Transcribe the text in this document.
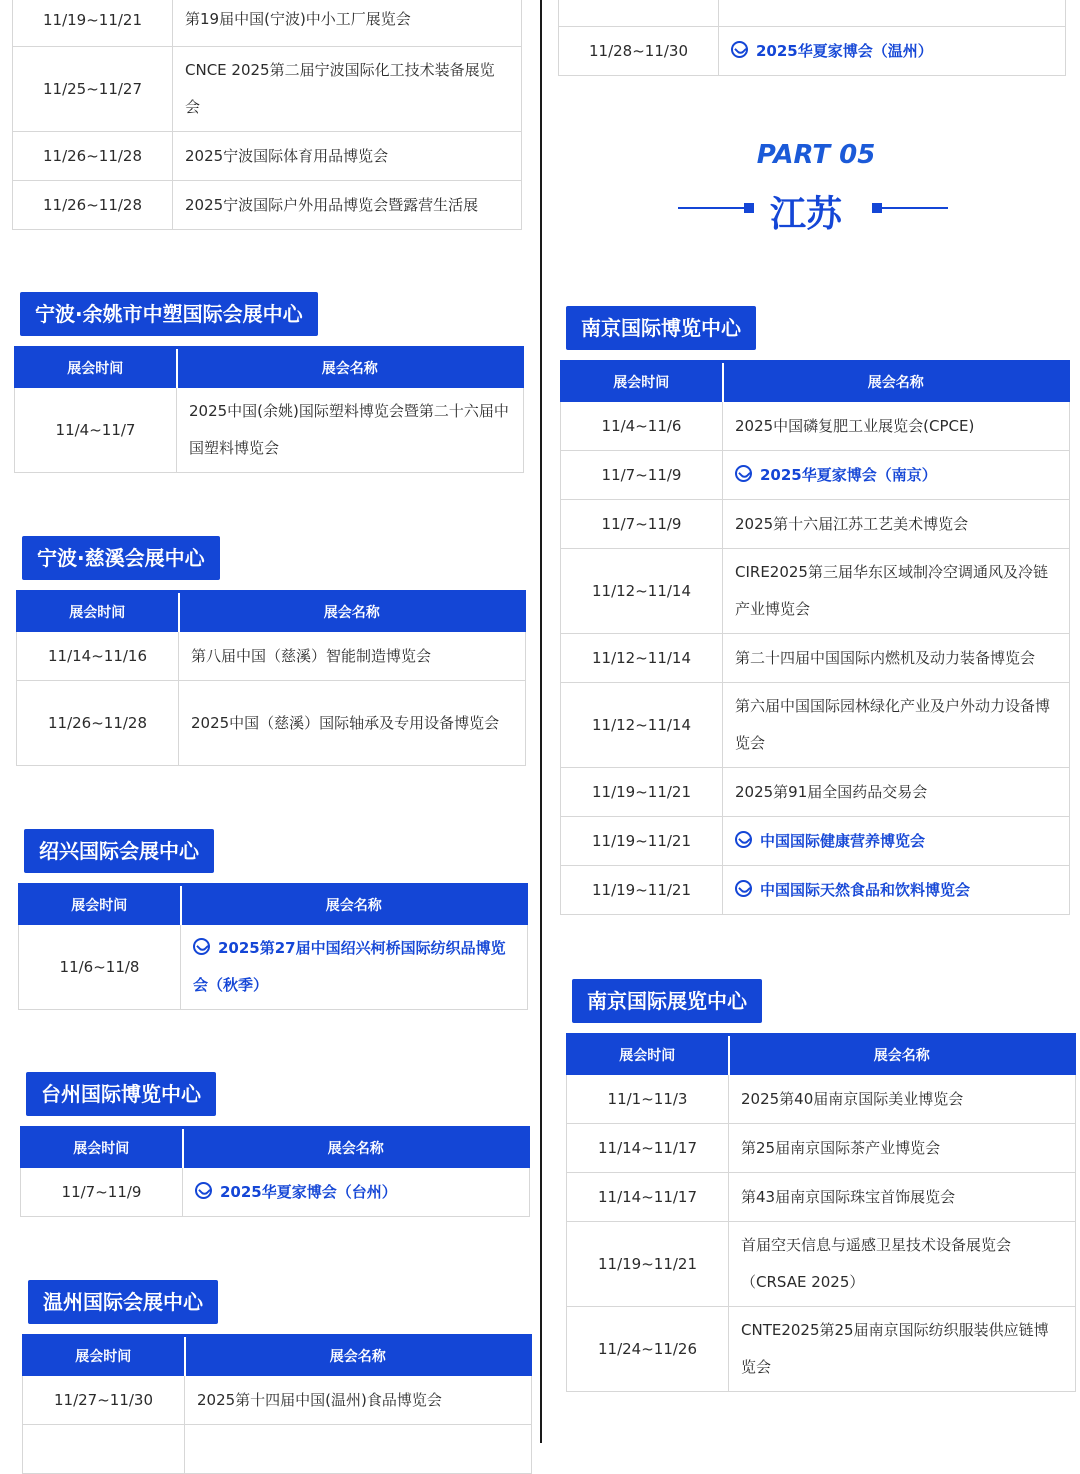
11/19~11/21	第19届中国(宁波)中小工厂展览会
11/25~11/27	CNCE 2025第二届宁波国际化工技术装备展览会
11/26~11/28	2025宁波国际体育用品博览会
11/26~11/28	2025宁波国际户外用品博览会暨露营生活展
宁波·余姚市中塑国际会展中心
展会时间	展会名称
11/4~11/7	2025中国(余姚)国际塑料博览会暨第二十六届中国塑料博览会
宁波·慈溪会展中心
展会时间	展会名称
11/14~11/16	第八届中国（慈溪）智能制造博览会
11/26~11/28	2025中国（慈溪）国际轴承及专用设备博览会
绍兴国际会展中心
展会时间	展会名称
11/6~11/8	2025第27届中国绍兴柯桥国际纺织品博览会（秋季）
台州国际博览中心
展会时间	展会名称
11/7~11/9	2025华夏家博会（台州）
温州国际会展中心
展会时间	展会名称
11/27~11/30	2025第十四届中国(温州)食品博览会

11/28~11/30	2025华夏家博会（温州）
PART 05
江苏
南京国际博览中心
展会时间	展会名称
11/4~11/6	2025中国磷复肥工业展览会(CPCE)
11/7~11/9	2025华夏家博会（南京）
11/7~11/9	2025第十六届江苏工艺美术博览会
11/12~11/14	CIRE2025第三届华东区域制冷空调通风及冷链产业博览会
11/12~11/14	第二十四届中国国际内燃机及动力装备博览会
11/12~11/14	第六届中国国际园林绿化产业及户外动力设备博览会
11/19~11/21	2025第91届全国药品交易会
11/19~11/21	中国国际健康营养博览会
11/19~11/21	中国国际天然食品和饮料博览会
南京国际展览中心
展会时间	展会名称
11/1~11/3	2025第40届南京国际美业博览会
11/14~11/17	第25届南京国际茶产业博览会
11/14~11/17	第43届南京国际珠宝首饰展览会
11/19~11/21	首届空天信息与遥感卫星技术设备展览会（CRSAE 2025）
11/24~11/26	CNTE2025第25届南京国际纺织服装供应链博览会
